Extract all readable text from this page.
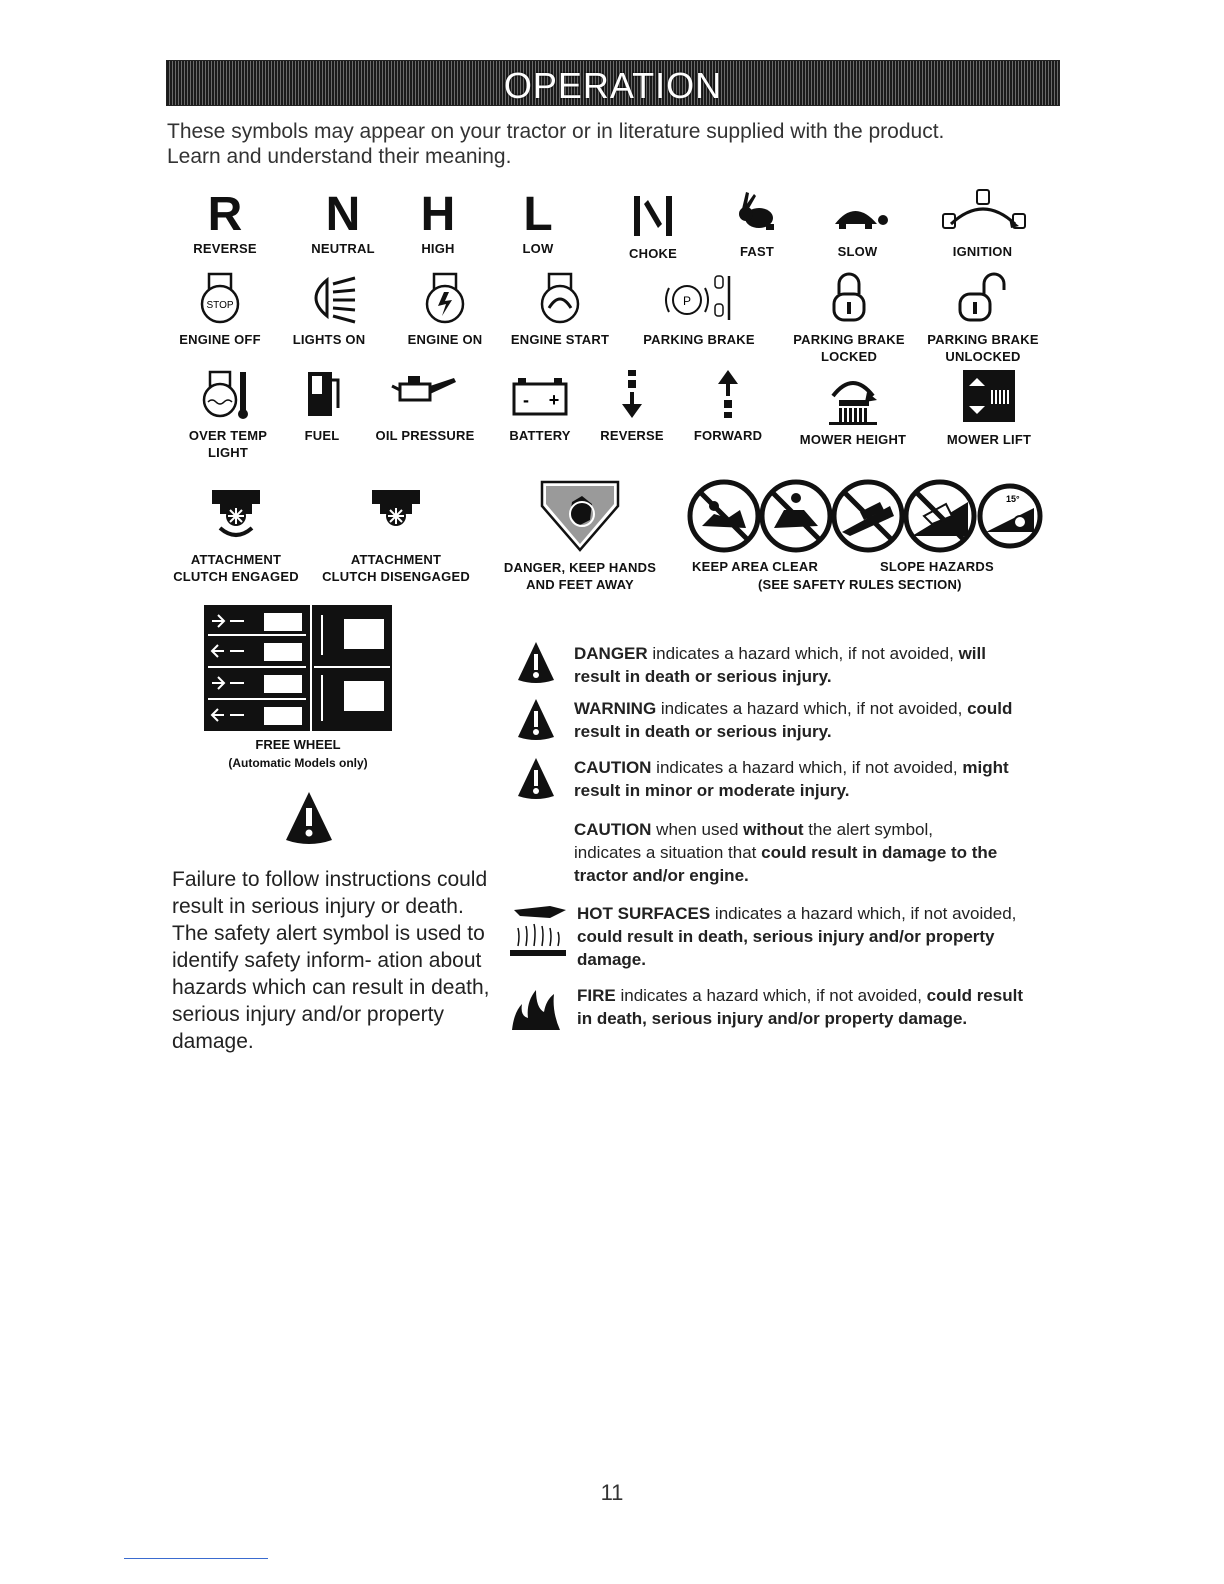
OPERATION
These symbols may appear on your tractor or in literature supplied with the product.
Learn and understand their meaning.
R
REVERSE
N
NEUTRAL
H
HIGH
L
LOW	CHOKE	FAST	SLOW	IGNITION
STOP
ENGINE OFF	LIGHTS ON	ENGINE ON	ENGINE START
P
PARKING BRAKE	PARKING BRAKE
LOCKED
PARKING BRAKE
UNLOCKED
OVER TEMP
LIGHT
FUEL	OIL PRESSURE
- +
BATTERY	REVERSE	FORWARD	MOWER HEIGHT	MOWER LIFT
ATTACHMENT
CLUTCH ENGAGED
ATTACHMENT
CLUTCH DISENGAGED
DANGER, KEEP HANDS
AND FEET AWAY
15°
KEEP AREA CLEAR	SLOPE HAZARDS
(SEE SAFETY RULES SECTION)
FREE WHEEL
(Automatic Models only)
Failure to follow instructions could result in serious injury or death. The safety alert symbol is used to identify safety inform- ation about hazards which can result in death, serious injury and/or property damage.
DANGER indicates a hazard which, if not avoided, will result in death or serious injury.
WARNING indicates a hazard which, if not avoided, could result in death or serious injury.
CAUTION indicates a hazard which, if not avoided, might result in minor or moderate injury.
CAUTION when used without the alert symbol, indicates a situation that could result in damage to the tractor and/or engine.
HOT SURFACES indicates a hazard which, if not avoided, could result in death, serious injury and/or property damage.
FIRE indicates a hazard which, if not avoided, could result in death, serious injury and/or property damage.
11
